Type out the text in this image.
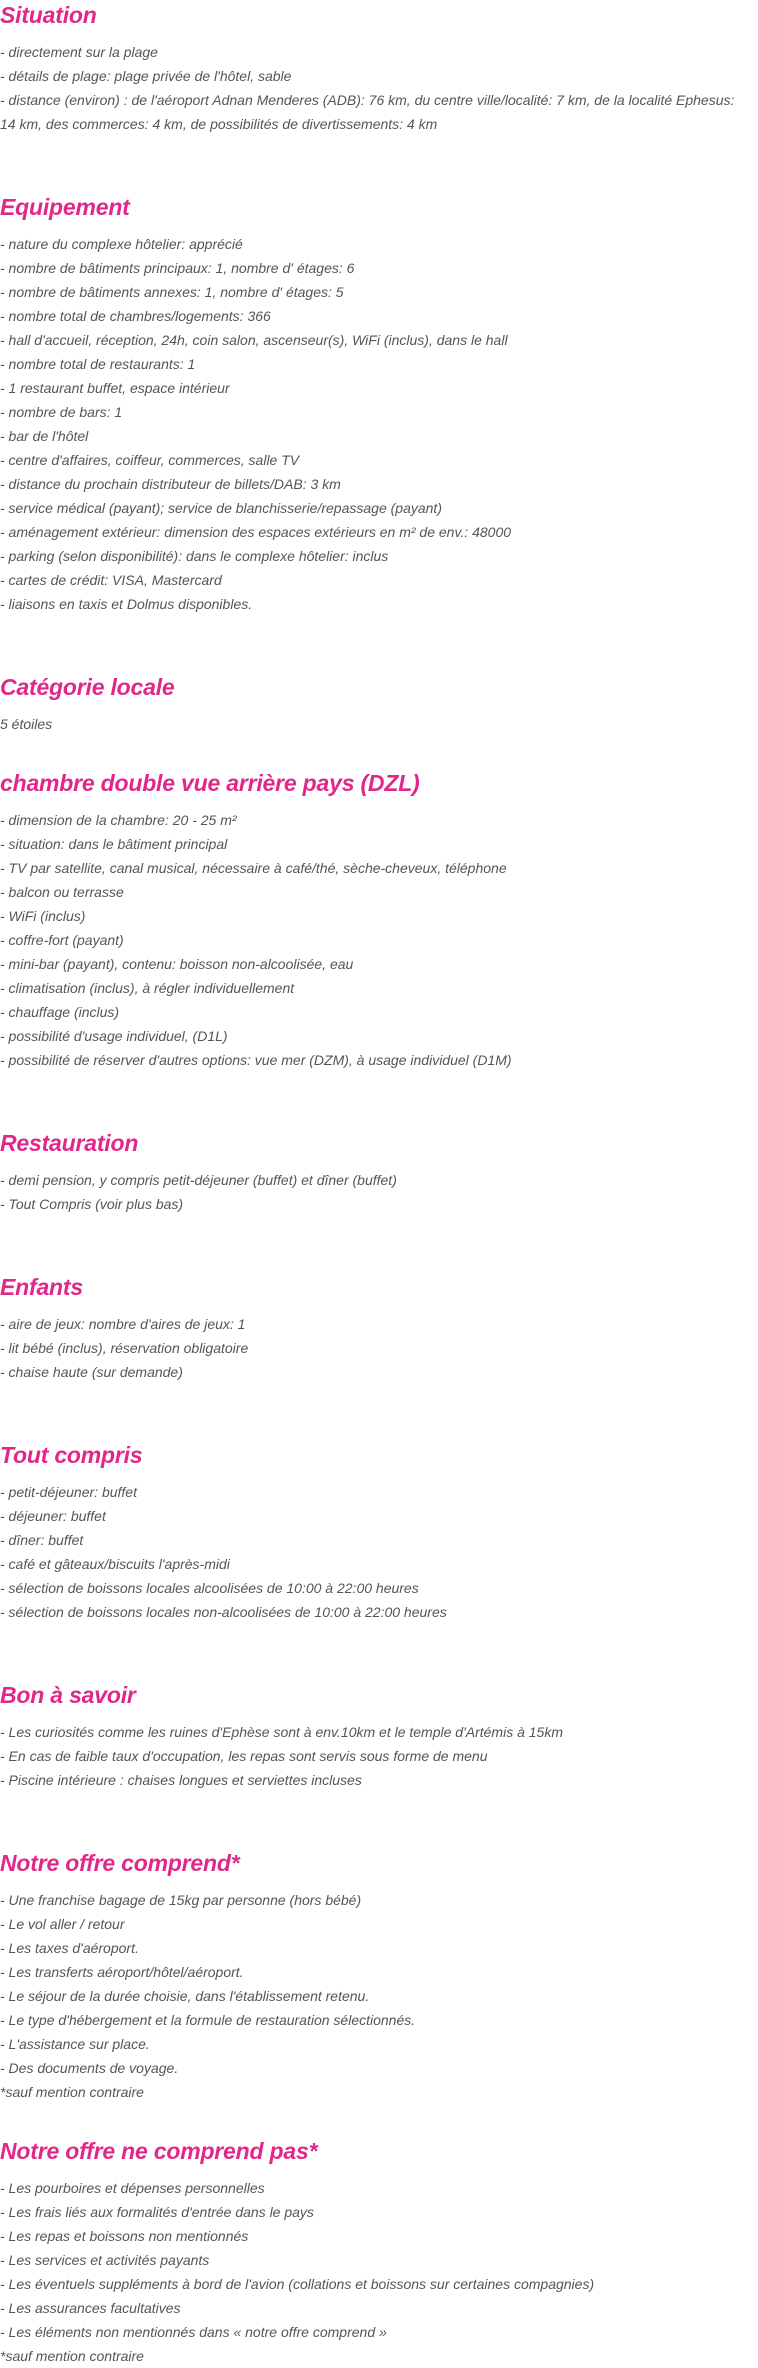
Situation

- directement sur la plage

- détails de plage: plage privée de l'hôtel, sable

- distance (environ) : de l'aéroport Adnan Menderes (ADB): 76 km, du centre ville/localité: 7 km, de la localité Ephesus: 14 km, des commerces: 4 km, de possibilités de divertissements: 4 km

Equipement

- nature du complexe hôtelier: apprécié

- nombre de bâtiments principaux: 1, nombre d' étages: 6

- nombre de bâtiments annexes: 1, nombre d' étages: 5

- nombre total de chambres/logements: 366

- hall d'accueil, réception, 24h, coin salon, ascenseur(s), WiFi (inclus), dans le hall

- nombre total de restaurants: 1

- 1 restaurant buffet, espace intérieur

- nombre de bars: 1

- bar de l'hôtel

- centre d'affaires, coiffeur, commerces, salle TV

- distance du prochain distributeur de billets/DAB: 3 km

- service médical (payant); service de blanchisserie/repassage (payant)

- aménagement extérieur: dimension des espaces extérieurs en m² de env.: 48000

- parking (selon disponibilité): dans le complexe hôtelier: inclus

- cartes de crédit: VISA, Mastercard

- liaisons en taxis et Dolmus disponibles.

Catégorie locale

5 étoiles

chambre double vue arrière pays (DZL)

- dimension de la chambre: 20 - 25 m²

- situation: dans le bâtiment principal

- TV par satellite, canal musical, nécessaire à café/thé, sèche-cheveux, téléphone

- balcon ou terrasse

- WiFi (inclus)

- coffre-fort (payant)

- mini-bar (payant), contenu: boisson non-alcoolisée, eau

- climatisation (inclus), à régler individuellement

- chauffage (inclus)

- possibilité d'usage individuel, (D1L)

- possibilité de réserver d'autres options: vue mer (DZM), à usage individuel (D1M)

Restauration

- demi pension, y compris petit-déjeuner (buffet) et dîner (buffet)

- Tout Compris (voir plus bas)

Enfants

- aire de jeux: nombre d'aires de jeux: 1

- lit bébé (inclus), réservation obligatoire

- chaise haute (sur demande)

Tout compris

- petit-déjeuner: buffet

- déjeuner: buffet

- dîner: buffet

- café et gâteaux/biscuits l'après-midi

- sélection de boissons locales alcoolisées de 10:00 à 22:00 heures

- sélection de boissons locales non-alcoolisées de 10:00 à 22:00 heures

Bon à savoir

- Les curiosités comme les ruines d'Ephèse sont à env.10km et le temple d'Artémis à 15km

- En cas de faible taux d'occupation, les repas sont servis sous forme de menu

- Piscine intérieure : chaises longues et serviettes incluses

Notre offre comprend*

- Une franchise bagage de 15kg par personne (hors bébé)

- Le vol aller / retour

- Les taxes d'aéroport.

- Les transferts aéroport/hôtel/aéroport.

- Le séjour de la durée choisie, dans l'établissement retenu.

- Le type d'hébergement et la formule de restauration sélectionnés.

- L'assistance sur place.

- Des documents de voyage.

*sauf mention contraire

Notre offre ne comprend pas*

- Les pourboires et dépenses personnelles

- Les frais liés aux formalités d'entrée dans le pays

- Les repas et boissons non mentionnés

- Les services et activités payants

- Les éventuels suppléments à bord de l'avion (collations et boissons sur certaines compagnies)

- Les assurances facultatives

- Les éléments non mentionnés dans « notre offre comprend »

*sauf mention contraire
